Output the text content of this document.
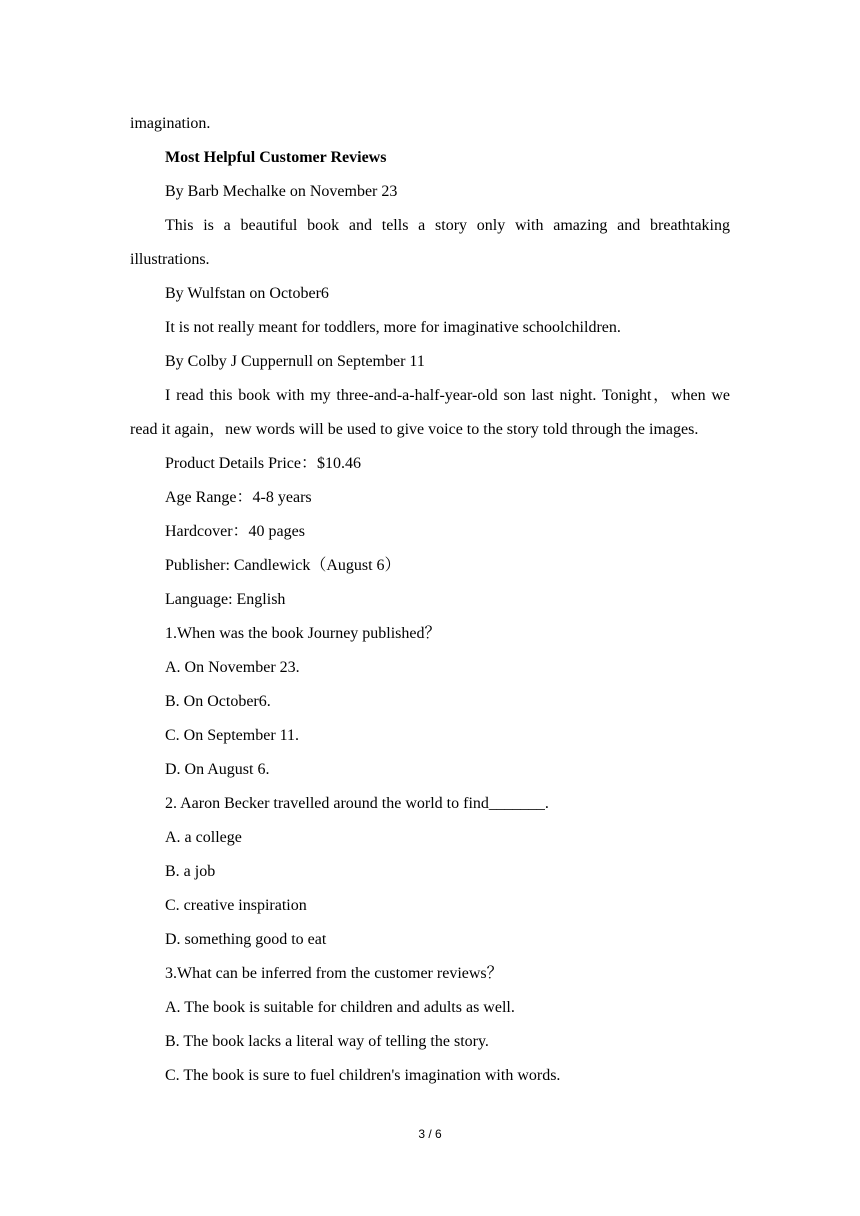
imagination.

Most Helpful Customer Reviews

By Barb Mechalke on November 23

This is a beautiful book and tells a story only with amazing and breathtaking illustrations.

By Wulfstan on October6

It is not really meant for toddlers, more for imaginative schoolchildren.

By Colby J Cuppernull on September 11

I read this book with my three-and-a-half-year-old son last night. Tonight，when we read it again，new words will be used to give voice to the story told through the images.

Product Details Price：$10.46

Age Range：4-8 years

Hardcover：40 pages

Publisher: Candlewick（August 6）

Language: English

1.When was the book Journey published？

A. On November 23.

B. On October6.

C. On September 11.

D. On August 6.

2. Aaron Becker travelled around the world to find_______.

A. a college

B. a job

C. creative inspiration

D. something good to eat

3.What can be inferred from the customer reviews？

A. The book is suitable for children and adults as well.

B. The book lacks a literal way of telling the story.

C. The book is sure to fuel children's imagination with words.

3 / 6
